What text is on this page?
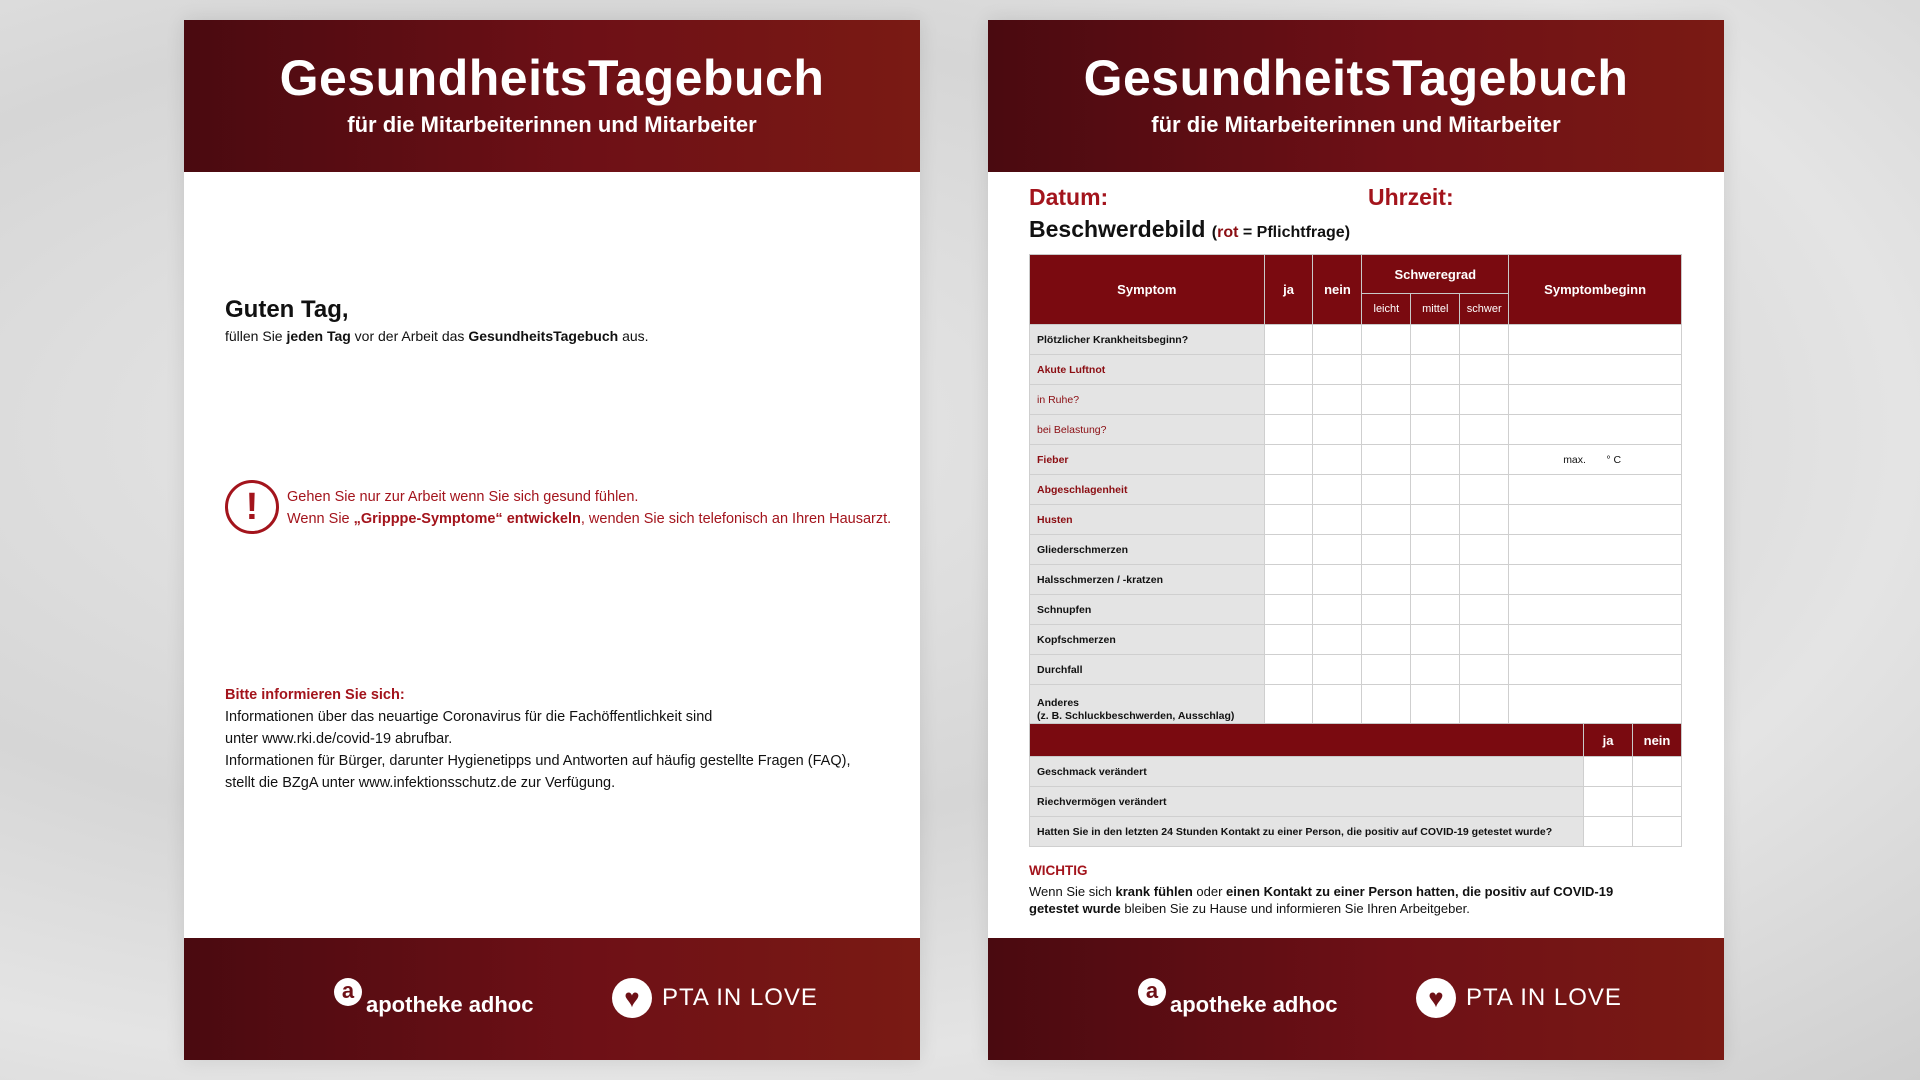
GesundheitsTagebuch
für die Mitarbeiterinnen und Mitarbeiter
Guten Tag,
füllen Sie jeden Tag vor der Arbeit das GesundheitsTagebuch aus.
!	Gehen Sie nur zur Arbeit wenn Sie sich gesund fühlen.
Wenn Sie „Gripppe-Symptome“ entwickeln, wenden Sie sich telefonisch an Ihren Hausarzt.
Bitte informieren Sie sich:
Informationen über das neuartige Coronavirus für die Fachöffentlichkeit sind
unter www.rki.de/covid-19 abrufbar.
Informationen für Bürger, darunter Hygienetipps und Antworten auf häufig gestellte Fragen (FAQ),
stellt die BZgA unter www.infektionsschutz.de zur Verfügung.
a
apotheke adhoc	♥ PTA IN LOVE
GesundheitsTagebuch
für die Mitarbeiterinnen und Mitarbeiter
Datum:	Uhrzeit:
Beschwerdebild (rot = Pflichtfrage)
Symptom	ja	nein	Schweregrad			Symptombeginn
			leicht	mittel	schwer	
Plötzlicher Krankheitsbeginn?						
Akute Luftnot						
in Ruhe?						
bei Belastung?						
Fieber						max. ° C
Abgeschlagenheit						
Husten						
Gliederschmerzen						
Halsschmerzen / -kratzen						
Schnupfen						
Kopfschmerzen						
Durchfall						

Anderes
(z. B. Schluckbeschwerden, Ausschlag)						

	ja	nein
Geschmack verändert		
Riechvermögen verändert		
Hatten Sie in den letzten 24 Stunden Kontakt zu einer Person, die positiv auf COVID-19 getestet wurde?		
WICHTIG
Wenn Sie sich krank fühlen oder einen Kontakt zu einer Person hatten, die positiv auf COVID-19 getestet wurde bleiben Sie zu Hause und informieren Sie Ihren Arbeitgeber.
a
apotheke adhoc	♥ PTA IN LOVE
